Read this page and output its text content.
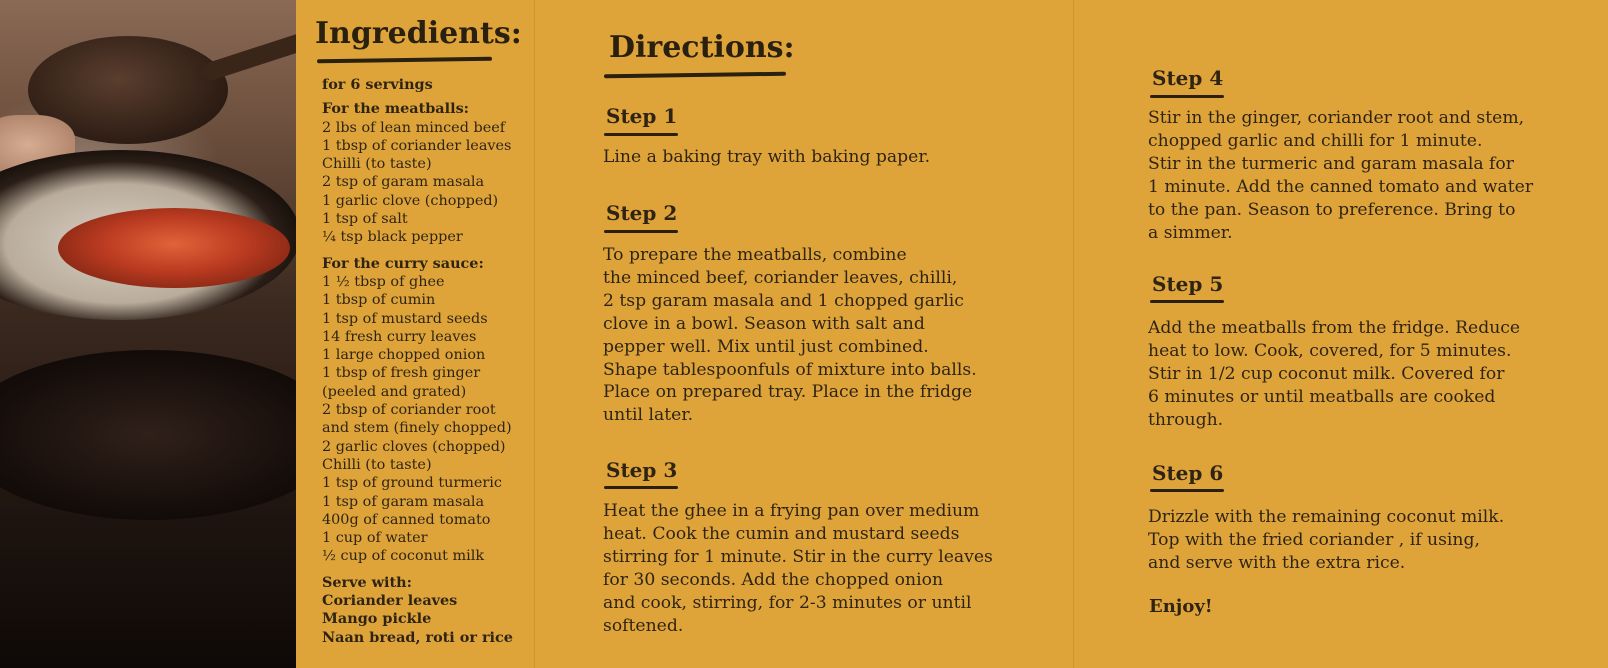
Ingredients:
for 6 servings
For the meatballs:
2 lbs of lean minced beef
1 tbsp of coriander leaves
Chilli (to taste)
2 tsp of garam masala
1 garlic clove (chopped)
1 tsp of salt
¼ tsp black pepper
For the curry sauce:
1 ½ tbsp of ghee
1 tbsp of cumin
1 tsp of mustard seeds
14 fresh curry leaves
1 large chopped onion
1 tbsp of fresh ginger
(peeled and grated)
2 tbsp of coriander root
and stem (finely chopped)
2 garlic cloves (chopped)
Chilli (to taste)
1 tsp of ground turmeric
1 tsp of garam masala
400g of canned tomato
1 cup of water
½ cup of coconut milk
Serve with:
Coriander leaves
Mango pickle
Naan bread, roti or rice
Directions:
Step 1
Line a baking tray with baking paper.
Step 2
To prepare the meatballs, combine
the minced beef, coriander leaves, chilli,
2 tsp garam masala and 1 chopped garlic
clove in a bowl. Season with salt and
pepper well. Mix until just combined.
Shape tablespoonfuls of mixture into balls.
Place on prepared tray. Place in the fridge
until later.
Step 3
Heat the ghee in a frying pan over medium
heat. Cook the cumin and mustard seeds
stirring for 1 minute. Stir in the curry leaves
for 30 seconds. Add the chopped onion
and cook, stirring, for 2-3 minutes or until
softened.
Step 4
Stir in the ginger, coriander root and stem,
chopped garlic and chilli for 1 minute.
Stir in the turmeric and garam masala for
1 minute. Add the canned tomato and water
to the pan. Season to preference. Bring to
a simmer.
Step 5
Add the meatballs from the fridge. Reduce
heat to low. Cook, covered, for 5 minutes.
Stir in 1/2 cup coconut milk. Covered for
6 minutes or until meatballs are cooked
through.
Step 6
Drizzle with the remaining coconut milk.
Top with the fried coriander , if using,
and serve with the extra rice.
Enjoy!
